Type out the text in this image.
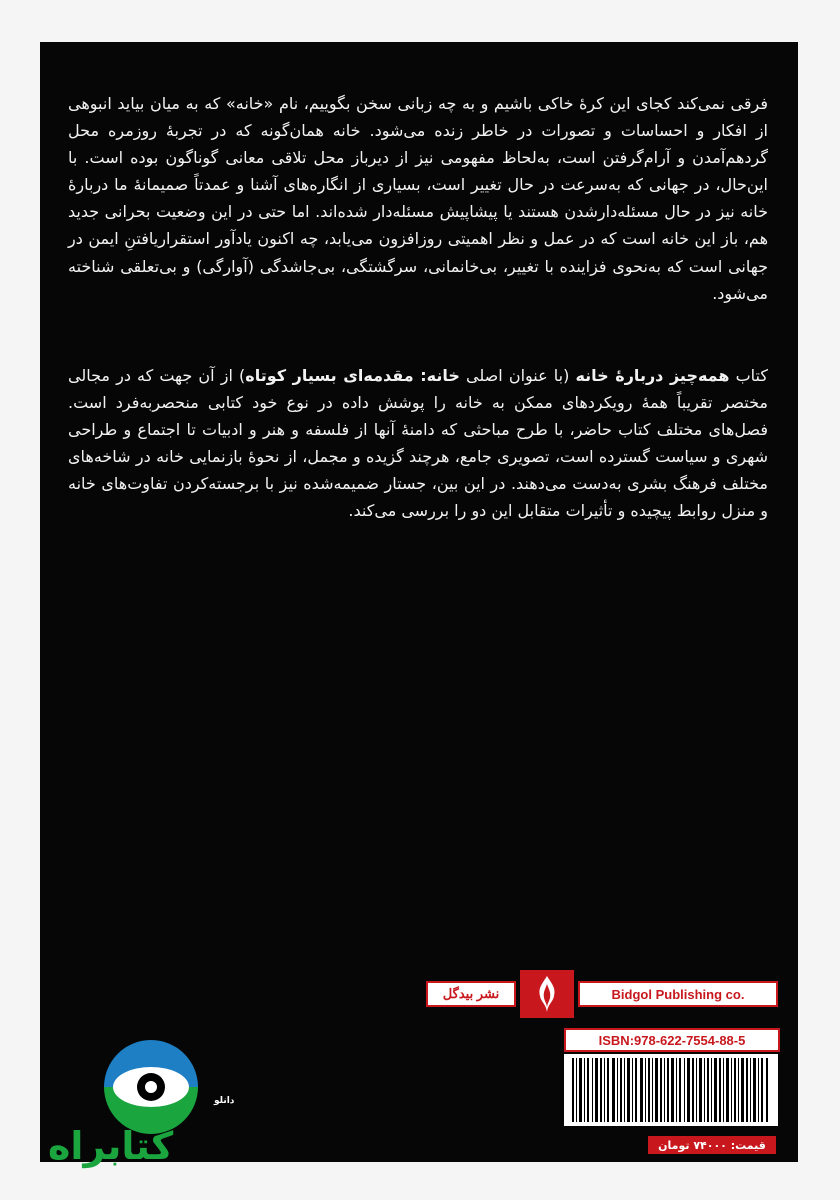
فرقی نمی‌کند کجای این کرهٔ خاکی باشیم و به چه زبانی سخن بگوییم، نام «خانه» که به میان بیاید انبوهی از افکار و احساسات و تصورات در خاطر زنده می‌شود. خانه همان‌گونه که در تجربهٔ روزمره محل گردهم‌آمدن و آرام‌گرفتن است، به‌لحاظ مفهومی نیز از دیرباز محل تلاقی معانی گوناگون بوده است. با این‌حال، در جهانی که به‌سرعت در حال تغییر است، بسیاری از انگاره‌های آشنا و عمدتاً صمیمانهٔ ما دربارهٔ خانه نیز در حال مسئله‌دارشدن هستند یا پیشاپیش مسئله‌دار شده‌اند. اما حتی در این وضعیت بحرانی جدید هم، باز این خانه است که در عمل و نظر اهمیتی روزافزون می‌یابد، چه اکنون یادآور استقراریافتنِ ایمن در جهانی است که به‌نحوی فزاینده با تغییر، بی‌خانمانی، سرگشتگی، بی‌جاشدگی (آوارگی) و بی‌تعلقی شناخته می‌شود.

کتاب همه‌چیز دربارهٔ خانه (با عنوان اصلی خانه: مقدمه‌ای بسیار کوتاه) از آن جهت که در مجالی مختصر تقریباً همهٔ رویکردهای ممکن به خانه را پوشش داده در نوع خود کتابی منحصربه‌فرد است. فصل‌های مختلف کتاب حاضر، با طرح مباحثی که دامنهٔ آنها از فلسفه و هنر و ادبیات تا اجتماع و طراحی شهری و سیاست گسترده است، تصویری جامع، هرچند گزیده و مجمل، از نحوهٔ بازنمایی خانه در شاخه‌های مختلف فرهنگ بشری به‌دست می‌دهند. در این بین، جستار ضمیمه‌شده نیز با برجسته‌کردن تفاوت‌های خانه و منزل روابط پیچیده و تأثیرات متقابل این دو را بررسی می‌کند.

نشر بیدگل	Bidgol Publishing co.
ISBN:978-622-7554-88-5
قیمت: ۷۴۰۰۰ تومان
دانلو
کتابراه
